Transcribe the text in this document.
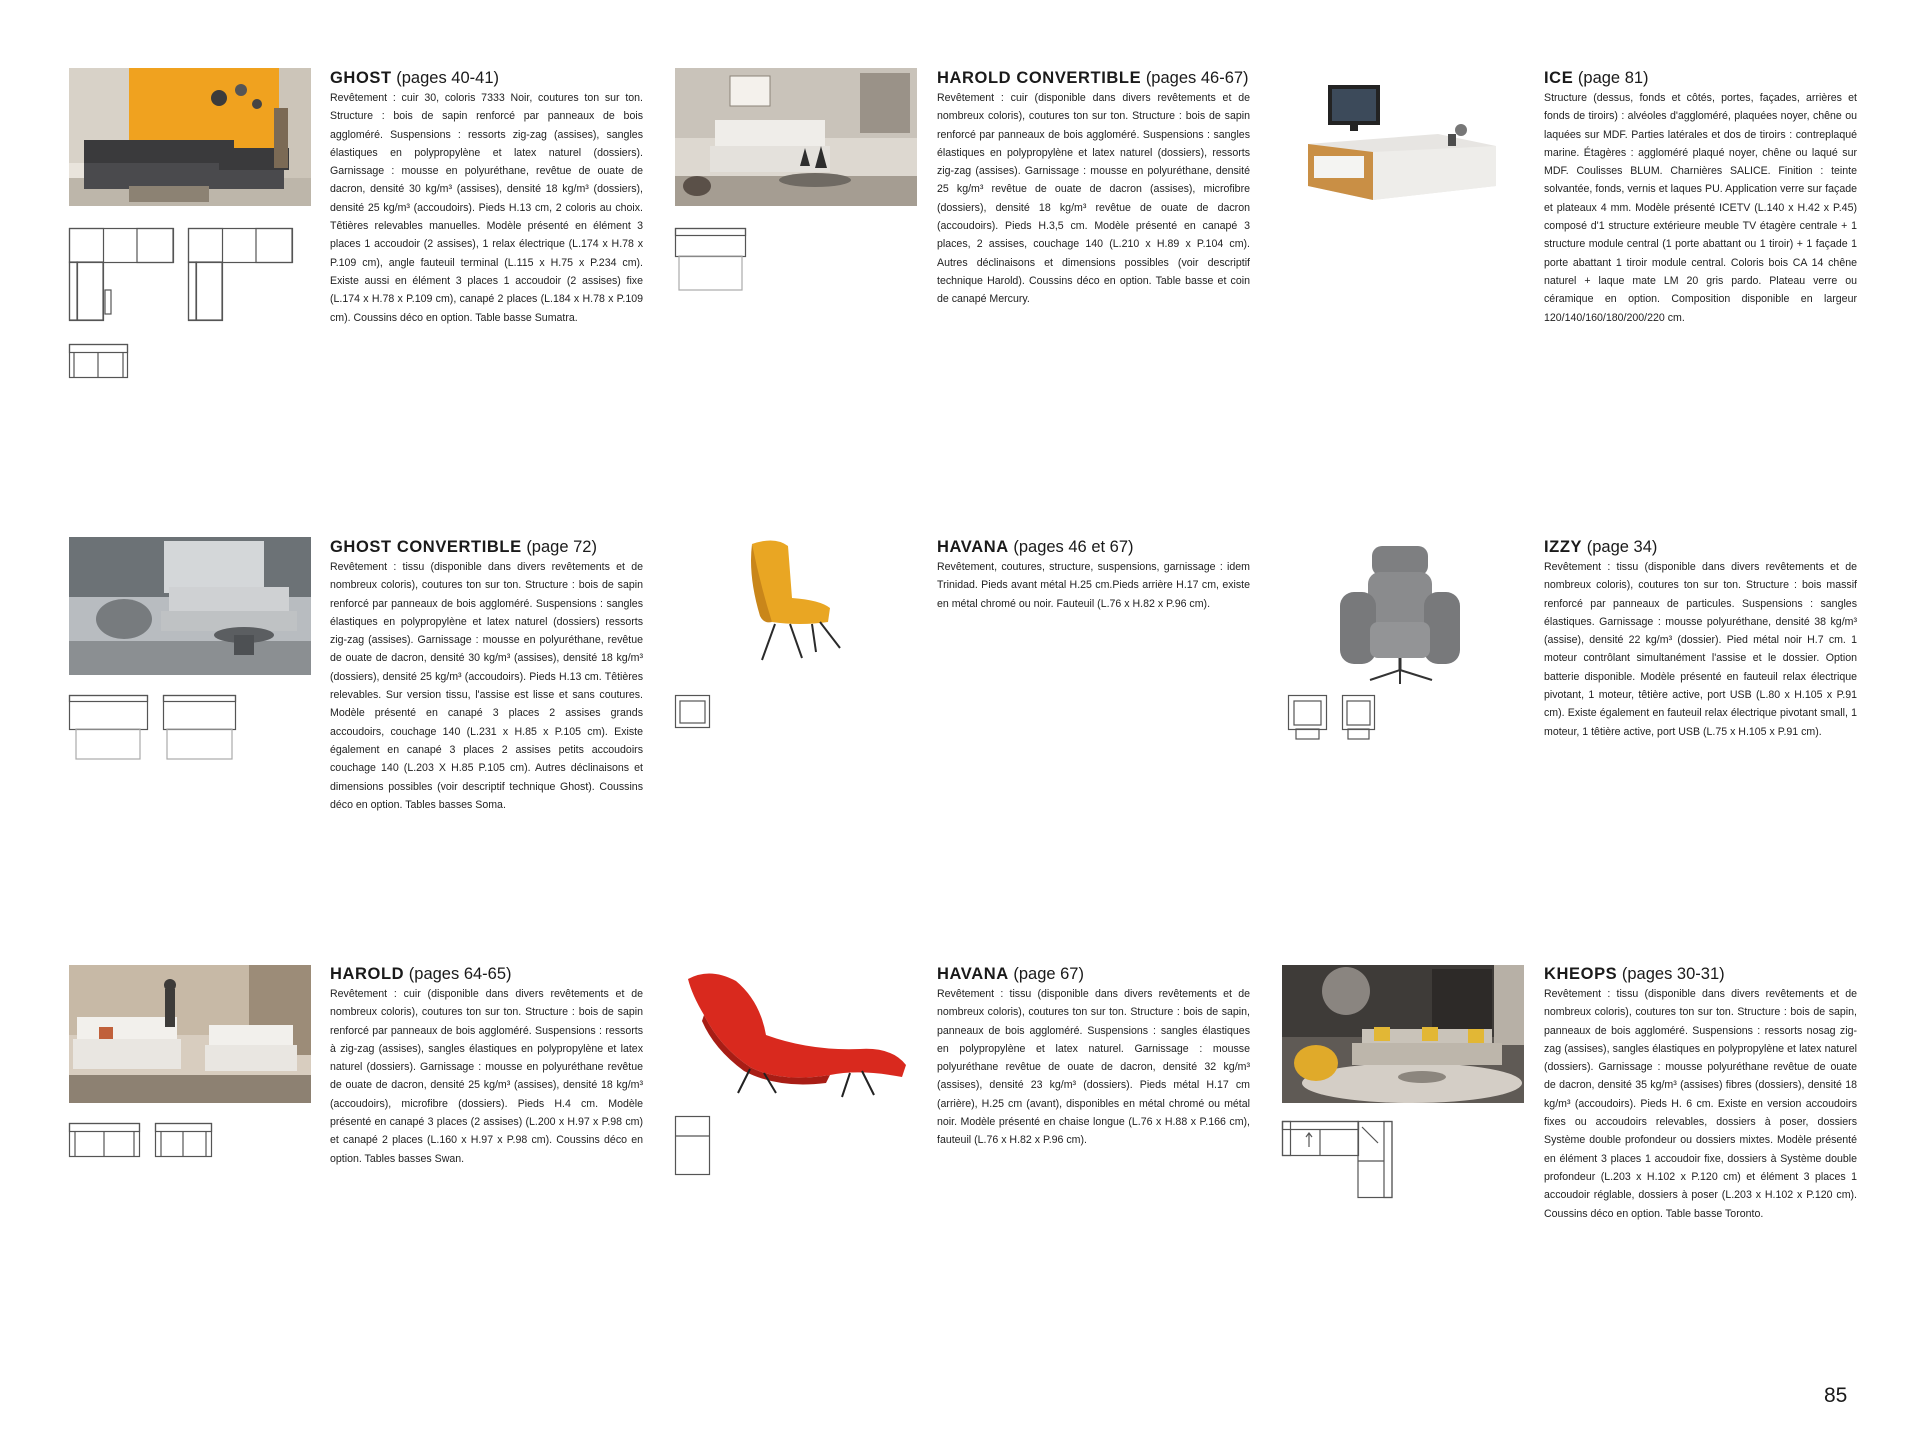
GHOST (pages 40-41)

Revêtement : cuir 30, coloris 7333 Noir, coutures ton sur ton. Structure : bois de sapin renforcé par panneaux de bois aggloméré. Suspensions : ressorts zig-zag (assises), sangles élastiques en polypropylène et latex naturel (dossiers). Garnissage : mousse en polyuréthane, revêtue de ouate de dacron, densité 30 kg/m³ (assises), densité 18 kg/m³ (dossiers), densité 25 kg/m³ (accoudoirs). Pieds H.13 cm, 2 coloris au choix. Têtières relevables manuelles. Modèle présenté en élément 3 places 1 accoudoir (2 assises), 1 relax électrique (L.174 x H.78 x P.109 cm), angle fauteuil terminal (L.115 x H.75 x P.234 cm). Existe aussi en élément 3 places 1 accoudoir (2 assises) fixe (L.174 x H.78 x P.109 cm), canapé 2 places (L.184 x H.78 x P.109 cm). Coussins déco en option. Table basse Sumatra.

HAROLD CONVERTIBLE (pages 46-67)

Revêtement : cuir (disponible dans divers revêtements et de nombreux coloris), coutures ton sur ton. Structure : bois de sapin renforcé par panneaux de bois aggloméré. Suspensions : sangles élastiques en polypropylène et latex naturel (dossiers), ressorts zig-zag (assises). Garnissage : mousse en polyuréthane, densité 25 kg/m³ revêtue de ouate de dacron (assises), microfibre (dossiers), densité 18 kg/m³ revêtue de ouate de dacron (accoudoirs). Pieds H.3,5 cm. Modèle présenté en canapé 3 places, 2 assises, couchage 140 (L.210 x H.89 x P.104 cm). Autres déclinaisons et dimensions possibles (voir descriptif technique Harold). Coussins déco en option. Table basse et coin de canapé Mercury.

ICE (page 81)

Structure (dessus, fonds et côtés, portes, façades, arrières et fonds de tiroirs) : alvéoles d'aggloméré, plaquées noyer, chêne ou laquées sur MDF. Parties latérales et dos de tiroirs : contreplaqué marine. Étagères : aggloméré plaqué noyer, chêne ou laqué sur MDF. Coulisses BLUM. Charnières SALICE. Finition : teinte solvantée, fonds, vernis et laques PU. Application verre sur façade et plateaux 4 mm. Modèle présenté ICETV (L.140 x H.42 x P.45) composé d'1 structure extérieure meuble TV étagère centrale + 1 structure module central (1 porte abattant ou 1 tiroir) + 1 façade 1 porte abattant 1 tiroir module central. Coloris bois CA 14 chêne naturel + laque mate LM 20 gris pardo. Plateau verre ou céramique en option. Composition disponible en largeur 120/140/160/180/200/220 cm.

GHOST CONVERTIBLE (page 72)

Revêtement : tissu (disponible dans divers revêtements et de nombreux coloris), coutures ton sur ton. Structure : bois de sapin renforcé par panneaux de bois aggloméré. Suspensions : sangles élastiques en polypropylène et latex naturel (dossiers) ressorts zig-zag (assises). Garnissage : mousse en polyuréthane, revêtue de ouate de dacron, densité 30 kg/m³ (assises), densité 18 kg/m³ (dossiers), densité 25 kg/m³ (accoudoirs). Pieds H.13 cm. Têtières relevables. Sur version tissu, l'assise est lisse et sans coutures. Modèle présenté en canapé 3 places 2 assises grands accoudoirs, couchage 140 (L.231 x H.85 x P.105 cm). Existe également en canapé 3 places 2 assises petits accoudoirs couchage 140 (L.203 X H.85 P.105 cm). Autres déclinaisons et dimensions possibles (voir descriptif technique Ghost). Coussins déco en option. Tables basses Soma.

HAVANA (pages 46 et 67)

Revêtement, coutures, structure, suspensions, garnissage : idem Trinidad. Pieds avant métal H.25 cm.Pieds arrière H.17 cm, existe en métal chromé ou noir. Fauteuil (L.76 x H.82 x P.96 cm).

IZZY (page 34)

Revêtement : tissu (disponible dans divers revêtements et de nombreux coloris), coutures ton sur ton. Structure : bois massif renforcé par panneaux de particules. Suspensions : sangles élastiques. Garnissage : mousse polyuréthane, densité 38 kg/m³ (assise), densité 22 kg/m³ (dossier). Pied métal noir H.7 cm. 1 moteur contrôlant simultanément l'assise et le dossier. Option batterie disponible. Modèle présenté en fauteuil relax électrique pivotant, 1 moteur, têtière active, port USB (L.80 x H.105 x P.91 cm). Existe également en fauteuil relax électrique pivotant small, 1 moteur, 1 têtière active, port USB (L.75 x H.105 x P.91 cm).

HAROLD (pages 64-65)

Revêtement : cuir (disponible dans divers revêtements et de nombreux coloris), coutures ton sur ton. Structure : bois de sapin renforcé par panneaux de bois aggloméré. Suspensions : ressorts à zig-zag (assises), sangles élastiques en polypropylène et latex naturel (dossiers). Garnissage : mousse en polyuréthane revêtue de ouate de dacron, densité 25 kg/m³ (assises), densité 18 kg/m³ (accoudoirs), microfibre (dossiers). Pieds H.4 cm. Modèle présenté en canapé 3 places (2 assises) (L.200 x H.97 x P.98 cm) et canapé 2 places (L.160 x H.97 x P.98 cm). Coussins déco en option. Tables basses Swan.

HAVANA (page 67)

Revêtement : tissu (disponible dans divers revêtements et de nombreux coloris), coutures ton sur ton. Structure : bois de sapin, panneaux de bois aggloméré. Suspensions : sangles élastiques en polypropylène et latex naturel. Garnissage : mousse polyuréthane revêtue de ouate de dacron, densité 32 kg/m³ (assises), densité 23 kg/m³ (dossiers). Pieds métal H.17 cm (arrière), H.25 cm (avant), disponibles en métal chromé ou métal noir. Modèle présenté en chaise longue (L.76 x H.88 x P.166 cm), fauteuil (L.76 x H.82 x P.96 cm).

KHEOPS (pages 30-31)

Revêtement : tissu (disponible dans divers revêtements et de nombreux coloris), coutures ton sur ton. Structure : bois de sapin, panneaux de bois aggloméré. Suspensions : ressorts nosag zig-zag (assises), sangles élastiques en polypropylène et latex naturel (dossiers). Garnissage : mousse polyuréthane revêtue de ouate de dacron, densité 35 kg/m³ (assises) fibres (dossiers), densité 18 kg/m³ (accoudoirs). Pieds H. 6 cm. Existe en version accoudoirs fixes ou accoudoirs relevables, dossiers à poser, dossiers Système double profondeur ou dossiers mixtes. Modèle présenté en élément 3 places 1 accoudoir fixe, dossiers à Système double profondeur (L.203 x H.102 x P.120 cm) et élément 3 places 1 accoudoir réglable, dossiers à poser (L.203 x H.102 x P.120 cm). Coussins déco en option. Table basse Toronto.

85
